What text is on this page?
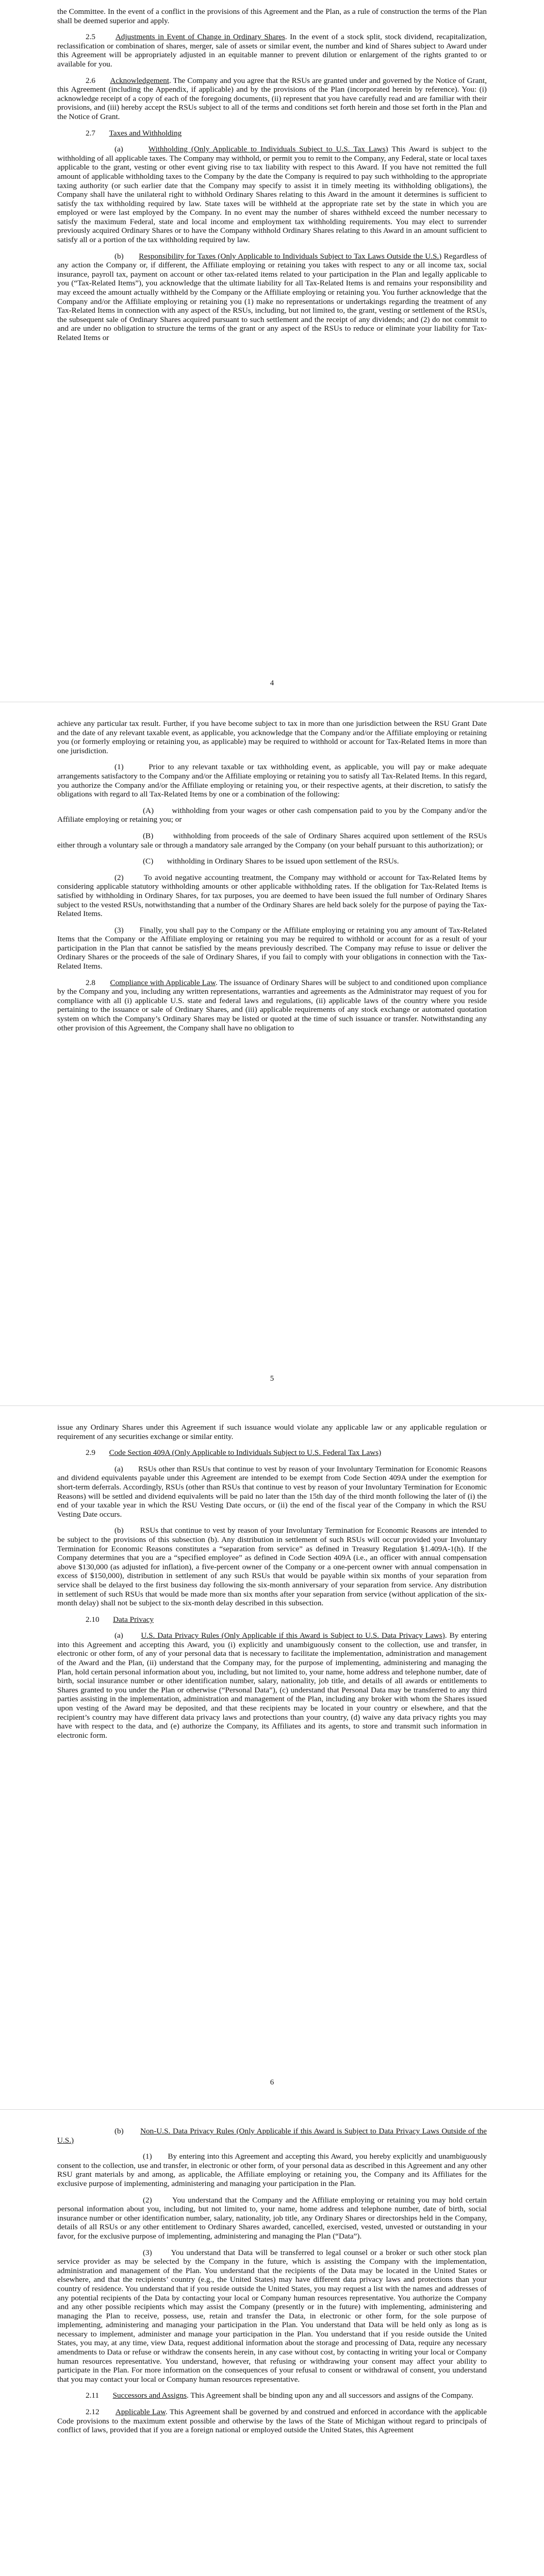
the Committee. In the event of a conflict in the provisions of this Agreement and the Plan, as a rule of construction the terms of the Plan shall be deemed superior and apply.

2.5	Adjustments in Event of Change in Ordinary Shares. In the event of a stock split, stock dividend, recapitalization, reclassification or combination of shares, merger, sale of assets or similar event, the number and kind of Shares subject to Award under this Agreement will be appropriately adjusted in an equitable manner to prevent dilution or enlargement of the rights granted to or available for you.

2.6 Acknowledgement. The Company and you agree that the RSUs are granted under and governed by the Notice of Grant, this Agreement (including the Appendix, if applicable) and by the provisions of the Plan (incorporated herein by reference). You: (i) acknowledge receipt of a copy of each of the foregoing documents, (ii) represent that you have carefully read and are familiar with their provisions, and (iii) hereby accept the RSUs subject to all of the terms and conditions set forth herein and those set forth in the Plan and the Notice of Grant.

2.7 Taxes and Withholding

(a)	Withholding (Only Applicable to Individuals Subject to U.S. Tax Laws) This Award is subject to the withholding of all applicable taxes. The Company may withhold, or permit you to remit to the Company, any Federal, state or local taxes applicable to the grant, vesting or other event giving rise to tax liability with respect to this Award. If you have not remitted the full amount of applicable withholding taxes to the Company by the date the Company is required to pay such withholding to the appropriate taxing authority (or such earlier date that the Company may specify to assist it in timely meeting its withholding obligations), the Company shall have the unilateral right to withhold Ordinary Shares relating to this Award in the amount it determines is sufficient to satisfy the tax withholding required by law. State taxes will be withheld at the appropriate rate set by the state in which you are employed or were last employed by the Company. In no event may the number of shares withheld exceed the number necessary to satisfy the maximum Federal, state and local income and employment tax withholding requirements. You may elect to surrender previously acquired Ordinary Shares or to have the Company withhold Ordinary Shares relating to this Award in an amount sufficient to satisfy all or a portion of the tax withholding required by law.

(b) Responsibility for Taxes (Only Applicable to Individuals Subject to Tax Laws Outside the U.S.) Regardless of any action the Company or, if different, the Affiliate employing or retaining you takes with respect to any or all income tax, social insurance, payroll tax, payment on account or other tax-related items related to your participation in the Plan and legally applicable to you (“Tax-Related Items”), you acknowledge that the ultimate liability for all Tax-Related Items is and remains your responsibility and may exceed the amount actually withheld by the Company or the Affiliate employing or retaining you. You further acknowledge that the Company and/or the Affiliate employing or retaining you (1) make no representations or undertakings regarding the treatment of any Tax-Related Items in connection with any aspect of the RSUs, including, but not limited to, the grant, vesting or settlement of the RSUs, the subsequent sale of Ordinary Shares acquired pursuant to such settlement and the receipt of any dividends; and (2) do not commit to and are under no obligation to structure the terms of the grant or any aspect of the RSUs to reduce or eliminate your liability for Tax-Related Items or

4

achieve any particular tax result. Further, if you have become subject to tax in more than one jurisdiction between the RSU Grant Date and the date of any relevant taxable event, as applicable, you acknowledge that the Company and/or the Affiliate employing or retaining you (or formerly employing or retaining you, as applicable) may be required to withhold or account for Tax-Related Items in more than one jurisdiction.

(1)	Prior to any relevant taxable or tax withholding event, as applicable, you will pay or make adequate arrangements satisfactory to the Company and/or the Affiliate employing or retaining you to satisfy all Tax-Related Items. In this regard, you authorize the Company and/or the Affiliate employing or retaining you, or their respective agents, at their discretion, to satisfy the obligations with regard to all Tax-Related Items by one or a combination of the following:

(A) withholding from your wages or other cash compensation paid to you by the Company and/or the Affiliate employing or retaining you; or

(B)	withholding from proceeds of the sale of Ordinary Shares acquired upon settlement of the RSUs either through a voluntary sale or through a mandatory sale arranged by the Company (on your behalf pursuant to this authorization); or

(C) withholding in Ordinary Shares to be issued upon settlement of the RSUs.

(2)	To avoid negative accounting treatment, the Company may withhold or account for Tax-Related Items by considering applicable statutory withholding amounts or other applicable withholding rates. If the obligation for Tax-Related Items is satisfied by withholding in Ordinary Shares, for tax purposes, you are deemed to have been issued the full number of Ordinary Shares subject to the vested RSUs, notwithstanding that a number of the Ordinary Shares are held back solely for the purpose of paying the Tax-Related Items.

(3) Finally, you shall pay to the Company or the Affiliate employing or retaining you any amount of Tax-Related Items that the Company or the Affiliate employing or retaining you may be required to withhold or account for as a result of your participation in the Plan that cannot be satisfied by the means previously described. The Company may refuse to issue or deliver the Ordinary Shares or the proceeds of the sale of Ordinary Shares, if you fail to comply with your obligations in connection with the Tax-Related Items.

2.8 Compliance with Applicable Law. The issuance of Ordinary Shares will be subject to and conditioned upon compliance by the Company and you, including any written representations, warranties and agreements as the Administrator may request of you for compliance with all (i) applicable U.S. state and federal laws and regulations, (ii) applicable laws of the country where you reside pertaining to the issuance or sale of Ordinary Shares, and (iii) applicable requirements of any stock exchange or automated quotation system on which the Company’s Ordinary Shares may be listed or quoted at the time of such issuance or transfer. Notwithstanding any other provision of this Agreement, the Company shall have no obligation to

5

issue any Ordinary Shares under this Agreement if such issuance would violate any applicable law or any applicable regulation or requirement of any securities exchange or similar entity.

2.9 Code Section 409A (Only Applicable to Individuals Subject to U.S. Federal Tax Laws)

(a) RSUs other than RSUs that continue to vest by reason of your Involuntary Termination for Economic Reasons and dividend equivalents payable under this Agreement are intended to be exempt from Code Section 409A under the exemption for short-term deferrals. Accordingly, RSUs (other than RSUs that continue to vest by reason of your Involuntary Termination for Economic Reasons) will be settled and dividend equivalents will be paid no later than the 15th day of the third month following the later of (i) the end of your taxable year in which the RSU Vesting Date occurs, or (ii) the end of the fiscal year of the Company in which the RSU Vesting Date occurs.

(b) RSUs that continue to vest by reason of your Involuntary Termination for Economic Reasons are intended to be subject to the provisions of this subsection (b). Any distribution in settlement of such RSUs will occur provided your Involuntary Termination for Economic Reasons constitutes a “separation from service” as defined in Treasury Regulation §1.409A-1(h). If the Company determines that you are a “specified employee” as defined in Code Section 409A (i.e., an officer with annual compensation above $130,000 (as adjusted for inflation), a five-percent owner of the Company or a one-percent owner with annual compensation in excess of $150,000), distribution in settlement of any such RSUs that would be payable within six months of your separation from service shall be delayed to the first business day following the six-month anniversary of your separation from service. Any distribution in settlement of such RSUs that would be made more than six months after your separation from service (without application of the six-month delay) shall not be subject to the six-month delay described in this subsection.

2.10 Data Privacy

(a) U.S. Data Privacy Rules (Only Applicable if this Award is Subject to U.S. Data Privacy Laws). By entering into this Agreement and accepting this Award, you (i) explicitly and unambiguously consent to the collection, use and transfer, in electronic or other form, of any of your personal data that is necessary to facilitate the implementation, administration and management of the Award and the Plan, (ii) understand that the Company may, for the purpose of implementing, administering and managing the Plan, hold certain personal information about you, including, but not limited to, your name, home address and telephone number, date of birth, social insurance number or other identification number, salary, nationality, job title, and details of all awards or entitlements to Shares granted to you under the Plan or otherwise (“Personal Data”), (c) understand that Personal Data may be transferred to any third parties assisting in the implementation, administration and management of the Plan, including any broker with whom the Shares issued upon vesting of the Award may be deposited, and that these recipients may be located in your country or elsewhere, and that the recipient’s country may have different data privacy laws and protections than your country, (d) waive any data privacy rights you may have with respect to the data, and (e) authorize the Company, its Affiliates and its agents, to store and transmit such information in electronic form.

6

(b) Non-U.S. Data Privacy Rules (Only Applicable if this Award is Subject to Data Privacy Laws Outside of the U.S.)

(1) By entering into this Agreement and accepting this Award, you hereby explicitly and unambiguously consent to the collection, use and transfer, in electronic or other form, of your personal data as described in this Agreement and any other RSU grant materials by and among, as applicable, the Affiliate employing or retaining you, the Company and its Affiliates for the exclusive purpose of implementing, administering and managing your participation in the Plan.

(2)	You understand that the Company and the Affiliate employing or retaining you may hold certain personal information about you, including, but not limited to, your name, home address and telephone number, date of birth, social insurance number or other identification number, salary, nationality, job title, any Ordinary Shares or directorships held in the Company, details of all RSUs or any other entitlement to Ordinary Shares awarded, cancelled, exercised, vested, unvested or outstanding in your favor, for the exclusive purpose of implementing, administering and managing the Plan (“Data”).

(3) You understand that Data will be transferred to legal counsel or a broker or such other stock plan service provider as may be selected by the Company in the future, which is assisting the Company with the implementation, administration and management of the Plan. You understand that the recipients of the Data may be located in the United States or elsewhere, and that the recipients’ country (e.g., the United States) may have different data privacy laws and protections than your country of residence. You understand that if you reside outside the United States, you may request a list with the names and addresses of any potential recipients of the Data by contacting your local or Company human resources representative. You authorize the Company and any other possible recipients which may assist the Company (presently or in the future) with implementing, administering and managing the Plan to receive, possess, use, retain and transfer the Data, in electronic or other form, for the sole purpose of implementing, administering and managing your participation in the Plan. You understand that Data will be held only as long as is necessary to implement, administer and manage your participation in the Plan. You understand that if you reside outside the United States, you may, at any time, view Data, request additional information about the storage and processing of Data, require any necessary amendments to Data or refuse or withdraw the consents herein, in any case without cost, by contacting in writing your local or Company human resources representative. You understand, however, that refusing or withdrawing your consent may affect your ability to participate in the Plan. For more information on the consequences of your refusal to consent or withdrawal of consent, you understand that you may contact your local or Company human resources representative.

2.11 Successors and Assigns. This Agreement shall be binding upon any and all successors and assigns of the Company.

2.12 Applicable Law. This Agreement shall be governed by and construed and enforced in accordance with the applicable Code provisions to the maximum extent possible and otherwise by the laws of the State of Michigan without regard to principals of conflict of laws, provided that if you are a foreign national or employed outside the United States, this Agreement
